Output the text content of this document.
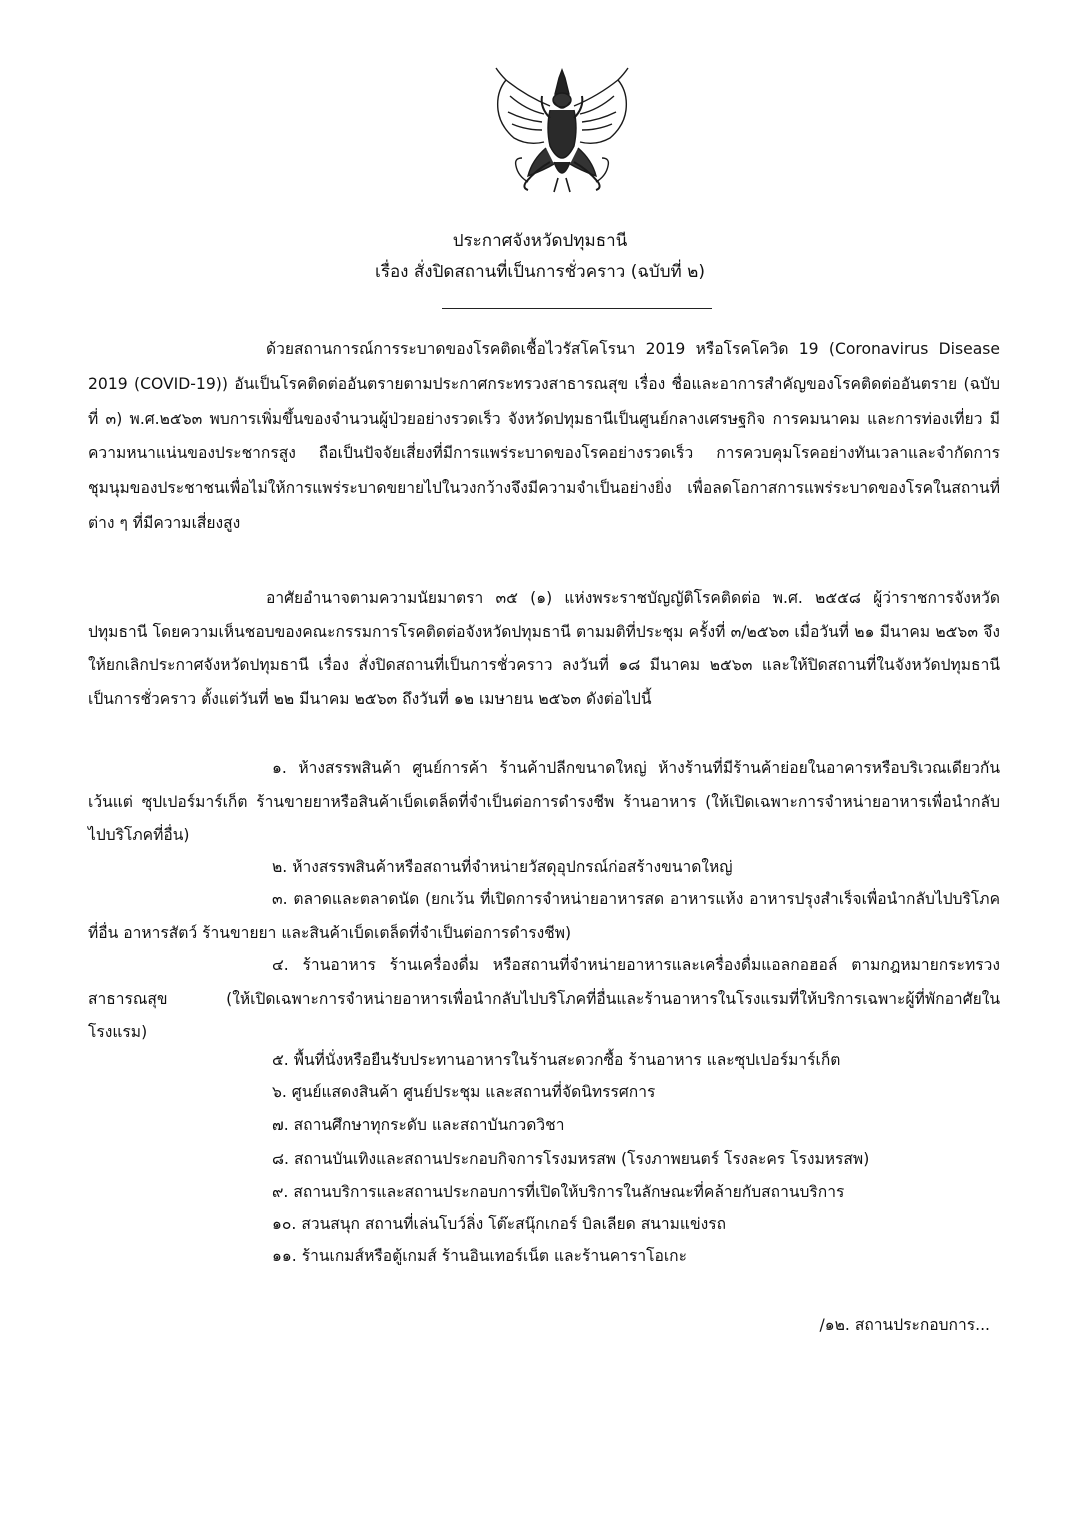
ประกาศจังหวัดปทุมธานี
เรื่อง สั่งปิดสถานที่เป็นการชั่วคราว (ฉบับที่ ๒)

ด้วยสถานการณ์การระบาดของโรคติดเชื้อไวรัสโคโรนา 2019 หรือโรคโควิด 19 (Coronavirus Disease 2019 (COVID-19)) อันเป็นโรคติดต่ออันตรายตามประกาศกระทรวงสาธารณสุข เรื่อง ชื่อและอาการสำคัญของโรคติดต่ออันตราย (ฉบับที่ ๓) พ.ศ.๒๕๖๓ พบการเพิ่มขึ้นของจำนวนผู้ป่วยอย่างรวดเร็ว จังหวัดปทุมธานีเป็นศูนย์กลางเศรษฐกิจ การคมนาคม และการท่องเที่ยว มีความหนาแน่นของประชากรสูง ถือเป็นปัจจัยเสี่ยงที่มีการแพร่ระบาดของโรคอย่างรวดเร็ว การควบคุมโรคอย่างทันเวลาและจำกัดการชุมนุมของประชาชนเพื่อไม่ให้การแพร่ระบาดขยายไปในวงกว้างจึงมีความจำเป็นอย่างยิ่ง เพื่อลดโอกาสการแพร่ระบาดของโรคในสถานที่ต่าง ๆ ที่มีความเสี่ยงสูง

อาศัยอำนาจตามความนัยมาตรา ๓๕ (๑) แห่งพระราชบัญญัติโรคติดต่อ พ.ศ. ๒๕๕๘ ผู้ว่าราชการจังหวัดปทุมธานี โดยความเห็นชอบของคณะกรรมการโรคติดต่อจังหวัดปทุมธานี ตามมติที่ประชุม ครั้งที่ ๓/๒๕๖๓ เมื่อวันที่ ๒๑ มีนาคม ๒๕๖๓ จึงให้ยกเลิกประกาศจังหวัดปทุมธานี เรื่อง สั่งปิดสถานที่เป็นการชั่วคราว ลงวันที่ ๑๘ มีนาคม ๒๕๖๓ และให้ปิดสถานที่ในจังหวัดปทุมธานีเป็นการชั่วคราว ตั้งแต่วันที่ ๒๒ มีนาคม ๒๕๖๓ ถึงวันที่ ๑๒ เมษายน ๒๕๖๓ ดังต่อไปนี้

๑. ห้างสรรพสินค้า ศูนย์การค้า ร้านค้าปลีกขนาดใหญ่ ห้างร้านที่มีร้านค้าย่อยในอาคารหรือบริเวณเดียวกัน เว้นแต่ ซุปเปอร์มาร์เก็ต ร้านขายยาหรือสินค้าเบ็ดเตล็ดที่จำเป็นต่อการดำรงชีพ ร้านอาหาร (ให้เปิดเฉพาะการจำหน่ายอาหารเพื่อนำกลับไปบริโภคที่อื่น)

๒. ห้างสรรพสินค้าหรือสถานที่จำหน่ายวัสดุอุปกรณ์ก่อสร้างขนาดใหญ่

๓. ตลาดและตลาดนัด (ยกเว้น ที่เปิดการจำหน่ายอาหารสด อาหารแห้ง อาหารปรุงสำเร็จเพื่อนำกลับไปบริโภคที่อื่น อาหารสัตว์ ร้านขายยา และสินค้าเบ็ดเตล็ดที่จำเป็นต่อการดำรงชีพ)

๔. ร้านอาหาร ร้านเครื่องดื่ม หรือสถานที่จำหน่ายอาหารและเครื่องดื่มแอลกอฮอล์ ตามกฎหมายกระทรวงสาธารณสุข (ให้เปิดเฉพาะการจำหน่ายอาหารเพื่อนำกลับไปบริโภคที่อื่นและร้านอาหารในโรงแรมที่ให้บริการเฉพาะผู้ที่พักอาศัยในโรงแรม)

๕. พื้นที่นั่งหรือยืนรับประทานอาหารในร้านสะดวกซื้อ ร้านอาหาร และซุปเปอร์มาร์เก็ต

๖. ศูนย์แสดงสินค้า ศูนย์ประชุม และสถานที่จัดนิทรรศการ

๗. สถานศึกษาทุกระดับ และสถาบันกวดวิชา

๘. สถานบันเทิงและสถานประกอบกิจการโรงมหรสพ (โรงภาพยนตร์ โรงละคร โรงมหรสพ)

๙. สถานบริการและสถานประกอบการที่เปิดให้บริการในลักษณะที่คล้ายกับสถานบริการ

๑๐. สวนสนุก สถานที่เล่นโบว์ลิ่ง โต๊ะสนุ๊กเกอร์ บิลเลียด สนามแข่งรถ

๑๑. ร้านเกมส์หรือตู้เกมส์ ร้านอินเทอร์เน็ต และร้านคาราโอเกะ

/๑๒. สถานประกอบการ...
